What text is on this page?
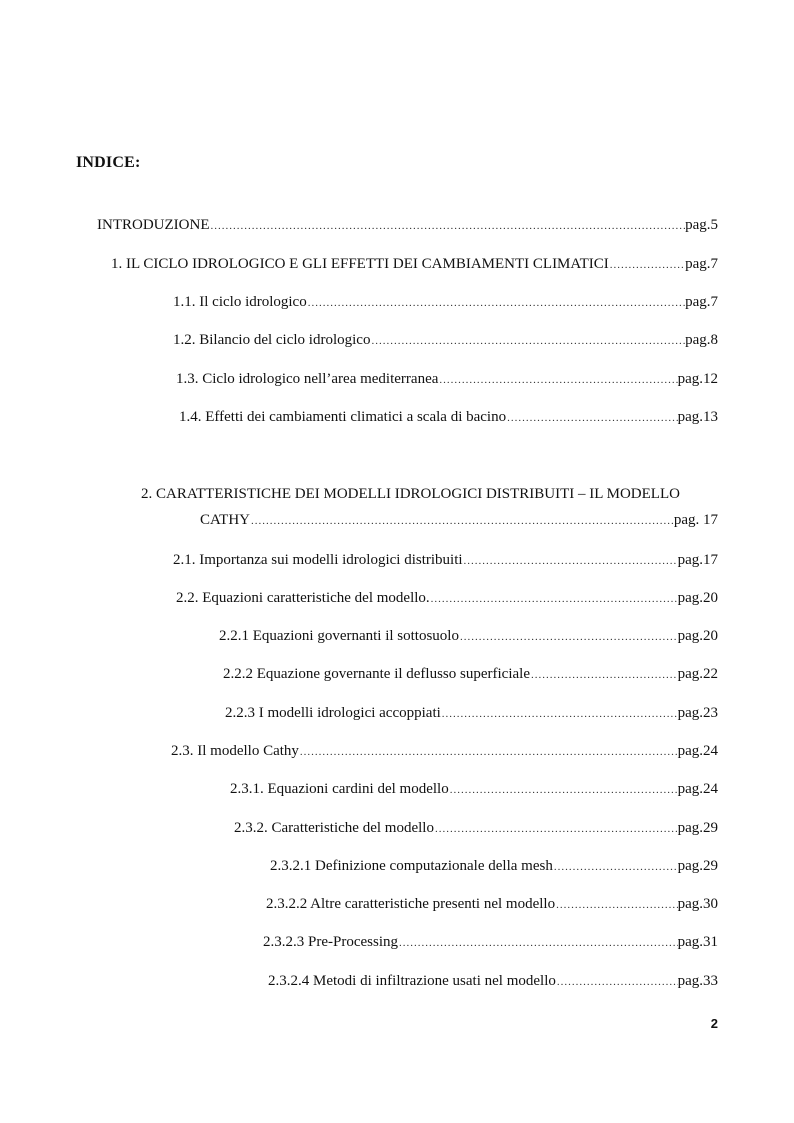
INDICE:
INTRODUZIONE .....	pag.5
1. IL CICLO IDROLOGICO E GLI EFFETTI DEI CAMBIAMENTI CLIMATICI .....	pag.7
1.1. Il ciclo idrologico .....	pag.7
1.2. Bilancio del ciclo idrologico .....	pag.8
1.3. Ciclo idrologico nell’area mediterranea .....	pag.12
1.4. Effetti dei cambiamenti climatici a scala di bacino .....	pag.13
2. CARATTERISTICHE DEI MODELLI IDROLOGICI DISTRIBUITI – IL MODELLO
CATHY .....	pag. 17
2.1. Importanza sui modelli idrologici distribuiti .....	pag.17
2.2. Equazioni caratteristiche del modello. .....	pag.20
2.2.1 Equazioni governanti il sottosuolo .....	pag.20
2.2.2 Equazione governante il deflusso superficiale .....	pag.22
2.2.3 I modelli idrologici accoppiati .....	pag.23
2.3. Il modello Cathy .....	pag.24
2.3.1. Equazioni cardini del modello .....	pag.24
2.3.2. Caratteristiche del modello .....	pag.29
2.3.2.1 Definizione computazionale della mesh .....	pag.29
2.3.2.2 Altre caratteristiche presenti nel modello .....	pag.30
2.3.2.3 Pre-Processing .....	pag.31
2.3.2.4 Metodi di infiltrazione usati nel modello .....	pag.33
2
